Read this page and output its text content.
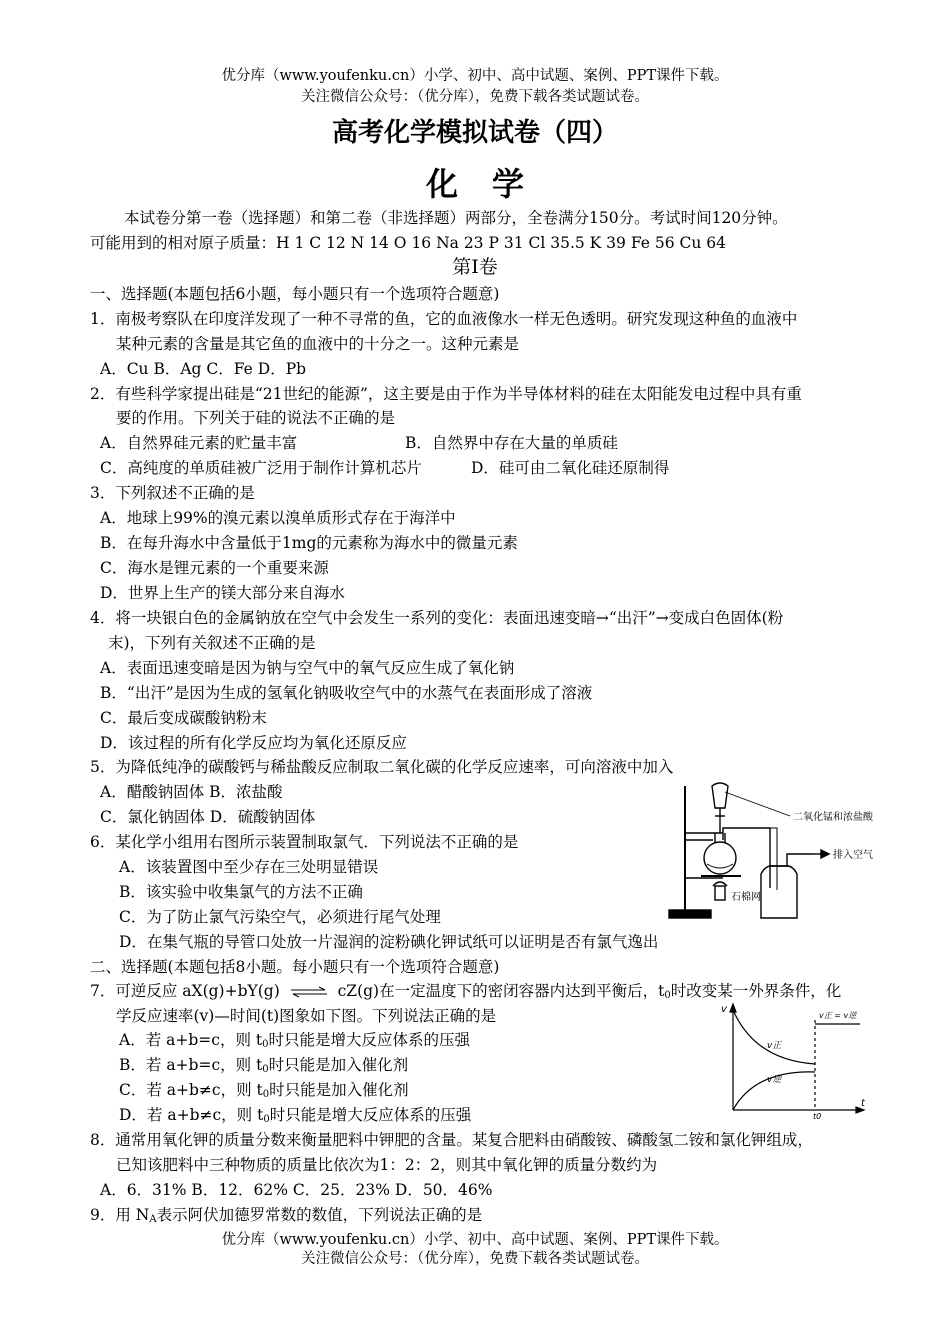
优分库（www.youfenku.cn）小学、初中、高中试题、案例、PPT课件下载。
关注微信公众号：（优分库），免费下载各类试题试卷。
高考化学模拟试卷（四）
化学
本试卷分第一卷（选择题）和第二卷（非选择题）两部分，全卷满分150分。考试时间120分钟。
可能用到的相对原子质量：H 1 C 12 N 14 O 16 Na 23 P 31 Cl 35.5 K 39 Fe 56 Cu 64
第Ⅰ卷
一、选择题(本题包括6小题，每小题只有一个选项符合题意)
1．南极考察队在印度洋发现了一种不寻常的鱼，它的血液像水一样无色透明。研究发现这种鱼的血液中
某种元素的含量是其它鱼的血液中的十分之一。这种元素是
A．Cu B．Ag C．Fe D．Pb
2．有些科学家提出硅是“21世纪的能源”，这主要是由于作为半导体材料的硅在太阳能发电过程中具有重
要的作用。下列关于硅的说法不正确的是
A．自然界硅元素的贮量丰富	B．自然界中存在大量的单质硅
C．高纯度的单质硅被广泛用于制作计算机芯片	D．硅可由二氧化硅还原制得
3．下列叙述不正确的是
A．地球上99%的溴元素以溴单质形式存在于海洋中
B．在每升海水中含量低于1mg的元素称为海水中的微量元素
C．海水是锂元素的一个重要来源
D．世界上生产的镁大部分来自海水
4．将一块银白色的金属钠放在空气中会发生一系列的变化：表面迅速变暗→“出汗”→变成白色固体(粉
末)，下列有关叙述不正确的是
A．表面迅速变暗是因为钠与空气中的氧气反应生成了氧化钠
B．“出汗”是因为生成的氢氧化钠吸收空气中的水蒸气在表面形成了溶液
C．最后变成碳酸钠粉末
D．该过程的所有化学反应均为氧化还原反应
5．为降低纯净的碳酸钙与稀盐酸反应制取二氧化碳的化学反应速率，可向溶液中加入
A．醋酸钠固体 B．浓盐酸
C．氯化钠固体 D．硫酸钠固体
6．某化学小组用右图所示装置制取氯气．下列说法不正确的是
A．该装置图中至少存在三处明显错误
B．该实验中收集氯气的方法不正确
C．为了防止氯气污染空气，必须进行尾气处理
D．在集气瓶的导管口处放一片湿润的淀粉碘化钾试纸可以证明是否有氯气逸出
二氧化锰和浓盐酸
排入空气
石棉网
二、选择题(本题包括8小题。每小题只有一个选项符合题意)
7．可逆反应 aX(g)+bY(g) ⇌ cZ(g)在一定温度下的密闭容器内达到平衡后，$t_0$时改变某一外界条件，化
学反应速率(v)—时间(t)图象如下图。下列说法正确的是
A．若 a+b=c，则 $t_0$时只能是增大反应体系的压强
B．若 a+b=c，则 $t_0$时只能是加入催化剂
C．若 a+b≠c，则 $t_0$时只能是加入催化剂
D．若 a+b≠c，则 $t_0$时只能是增大反应体系的压强
v
t
v正
v逆
v正 = v逆
t0
8．通常用氧化钾的质量分数来衡量肥料中钾肥的含量。某复合肥料由硝酸铵、磷酸氢二铵和氯化钾组成，
已知该肥料中三种物质的质量比依次为1：2：2，则其中氧化钾的质量分数约为
A．6．31% B．12．62% C．25．23% D．50．46%
9．用 $N_A$表示阿伏加德罗常数的数值，下列说法正确的是
优分库（www.youfenku.cn）小学、初中、高中试题、案例、PPT课件下载。
关注微信公众号：（优分库），免费下载各类试题试卷。
